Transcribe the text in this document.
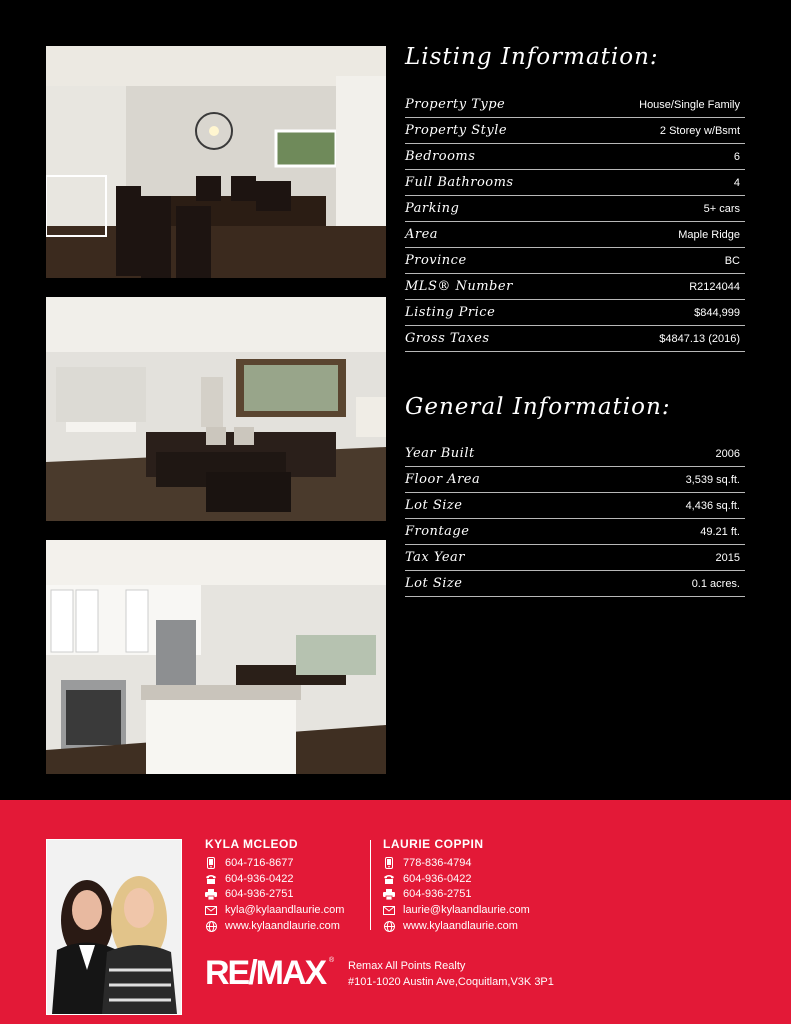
Listing Information:
Property Type	House/Single Family
Property Style	2 Storey w/Bsmt
Bedrooms	6
Full Bathrooms	4
Parking	5+ cars
Area	Maple Ridge
Province	BC
MLS® Number	R2124044
Listing Price	$844,999
Gross Taxes	$4847.13 (2016)
General Information:
Year Built	2006
Floor Area	3,539 sq.ft.
Lot Size	4,436 sq.ft.
Frontage	49.21 ft.
Tax Year	2015
Lot Size	0.1 acres.
KYLA MCLEOD
604-716-8677
604-936-0422
604-936-2751
kyla@kylaandlaurie.com
www.kylaandlaurie.com
LAURIE COPPIN
778-836-4794
604-936-0422
604-936-2751
laurie@kylaandlaurie.com
www.kylaandlaurie.com
RE/MAX ® Remax All Points Realty
#101-1020 Austin Ave,Coquitlam,V3K 3P1
